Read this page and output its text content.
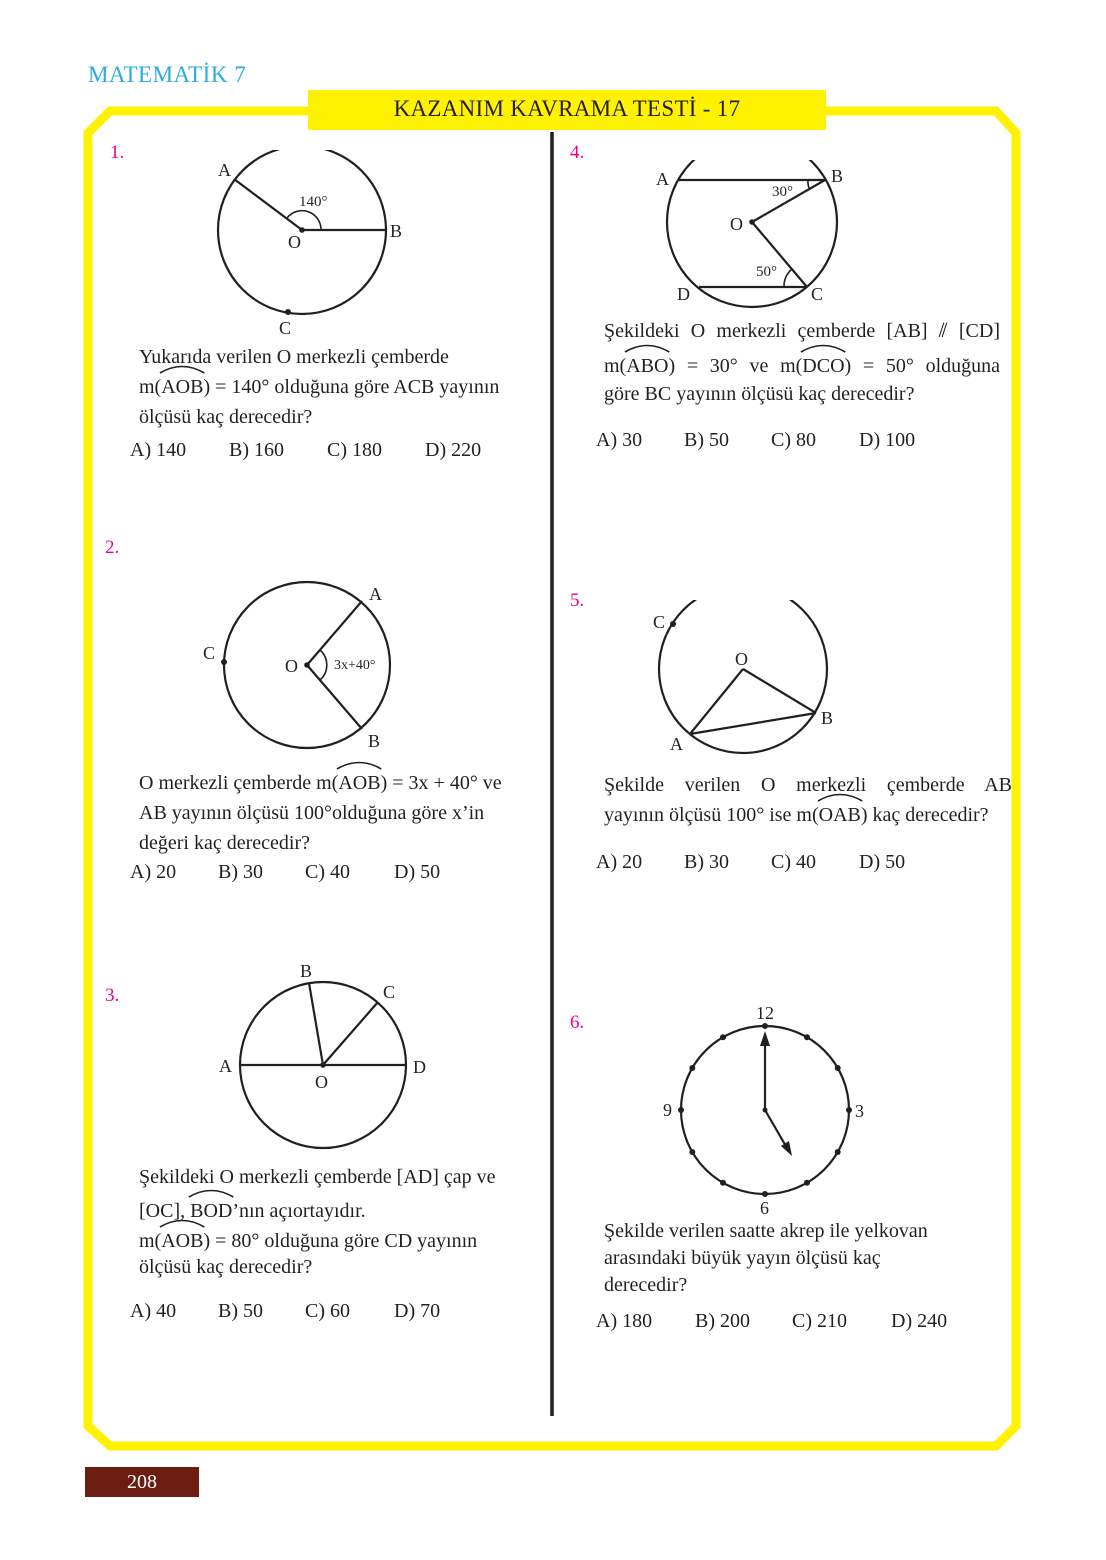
MATEMATİK 7
KAZANIM KAVRAMA TESTİ - 17
1.
A
140°
B
O
C
Yukarıda verilen O merkezli çemberde
m(
AOB) = 140° olduğuna göre ACB yayının
ölçüsü kaç derecedir?
A) 140	B) 160	C) 180	D) 220
2.
A
C
O	3x+40°
B
O merkezli çemberde m(
AOB) = 3x + 40° ve
AB yayının ölçüsü 100°olduğuna göre x’in
değeri kaç derecedir?
A) 20	B) 30	C) 40	D) 50
3.
B
C
A	D
O
Şekildeki O merkezli çemberde [AD] çap ve
[OC],
BOD’nın açıortayıdır.
m(
AOB) = 80° olduğuna göre CD yayının
ölçüsü kaç derecedir?
A) 40	B) 50	C) 60	D) 70
4.
A	B
30°
O
50°
D	C
Şekildeki O merkezli çemberde [AB] ⫽ [CD]
m(
ABO) = 30° ve m(
DCO) = 50° olduğuna
göre BC yayının ölçüsü kaç derecedir?
A) 30	B) 50	C) 80	D) 100
5.
C
O
B
A
Şekilde verilen O merkezli çemberde AB
yayının ölçüsü 100° ise m(
OAB) kaç derecedir?
A) 20	B) 30	C) 40	D) 50
6.	12
3
6
9
Şekilde verilen saatte akrep ile yelkovan
arasındaki büyük yayın ölçüsü kaç
derecedir?
A) 180	B) 200	C) 210	D) 240
208
